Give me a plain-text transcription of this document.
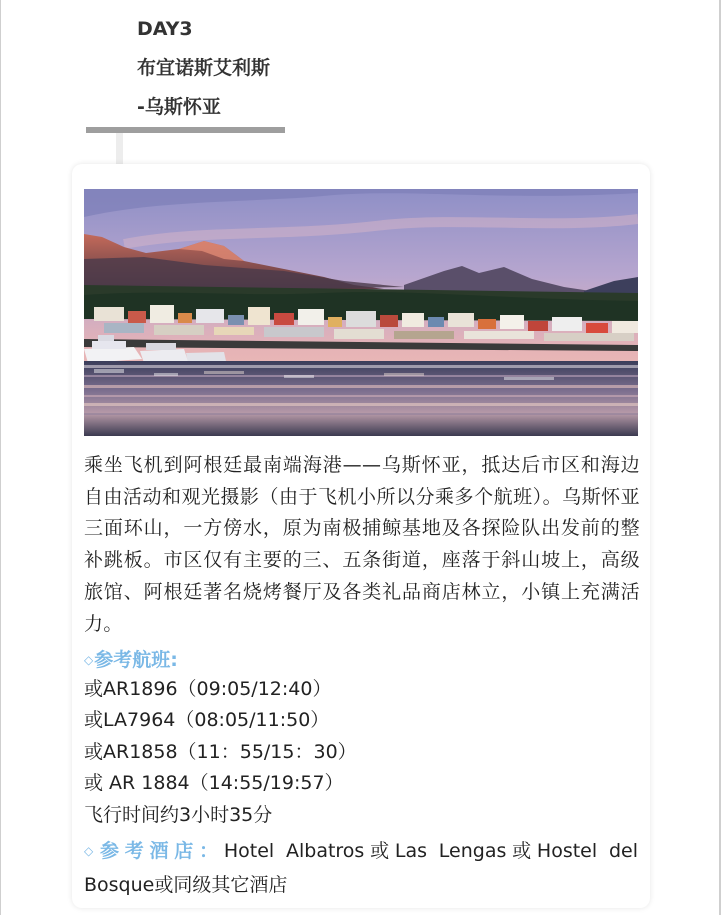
DAY3
布宜诺斯艾利斯
-乌斯怀亚
乘坐飞机到阿根廷最南端海港——乌斯怀亚，抵达后市区和海边自由活动和观光摄影（由于飞机小所以分乘多个航班）。乌斯怀亚三面环山，一方傍水，原为南极捕鲸基地及各探险队出发前的整补跳板。市区仅有主要的三、五条街道，座落于斜山坡上，高级旅馆、阿根廷著名烧烤餐厅及各类礼品商店林立，小镇上充满活力。
◇参考航班:
或AR1896（09:05/12:40）
或LA7964（08:05/11:50）
或AR1858（11：55/15：30）
或 AR 1884（14:55/19:57）
飞行时间约3小时35分
◇参考酒店：Hotel Albatros或Las Lengas或Hostel del Bosque或同级其它酒店
